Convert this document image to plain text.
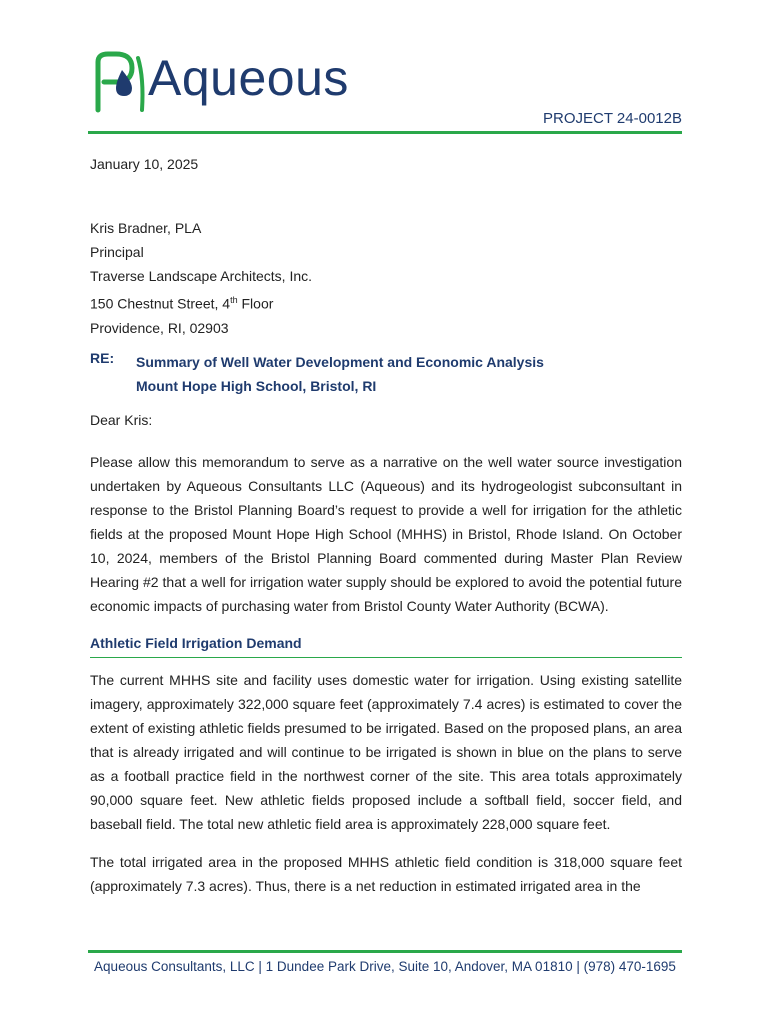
Aqueous
PROJECT 24-0012B

January 10, 2025

Kris Bradner, PLA

Principal

Traverse Landscape Architects, Inc.

150 Chestnut Street, 4th Floor

Providence, RI, 02903

RE:	Summary of Well Water Development and Economic Analysis
Mount Hope High School, Bristol, RI

Dear Kris:

Please allow this memorandum to serve as a narrative on the well water source investigation undertaken by Aqueous Consultants LLC (Aqueous) and its hydrogeologist subconsultant in response to the Bristol Planning Board’s request to provide a well for irrigation for the athletic fields at the proposed Mount Hope High School (MHHS) in Bristol, Rhode Island. On October 10, 2024, members of the Bristol Planning Board commented during Master Plan Review Hearing #2 that a well for irrigation water supply should be explored to avoid the potential future economic impacts of purchasing water from Bristol County Water Authority (BCWA).

Athletic Field Irrigation Demand

The current MHHS site and facility uses domestic water for irrigation. Using existing satellite imagery, approximately 322,000 square feet (approximately 7.4 acres) is estimated to cover the extent of existing athletic fields presumed to be irrigated. Based on the proposed plans, an area that is already irrigated and will continue to be irrigated is shown in blue on the plans to serve as a football practice field in the northwest corner of the site. This area totals approximately 90,000 square feet. New athletic fields proposed include a softball field, soccer field, and baseball field. The total new athletic field area is approximately 228,000 square feet.

The total irrigated area in the proposed MHHS athletic field condition is 318,000 square feet (approximately 7.3 acres). Thus, there is a net reduction in estimated irrigated area in the

Aqueous Consultants, LLC | 1 Dundee Park Drive, Suite 10, Andover, MA 01810 | (978) 470-1695
